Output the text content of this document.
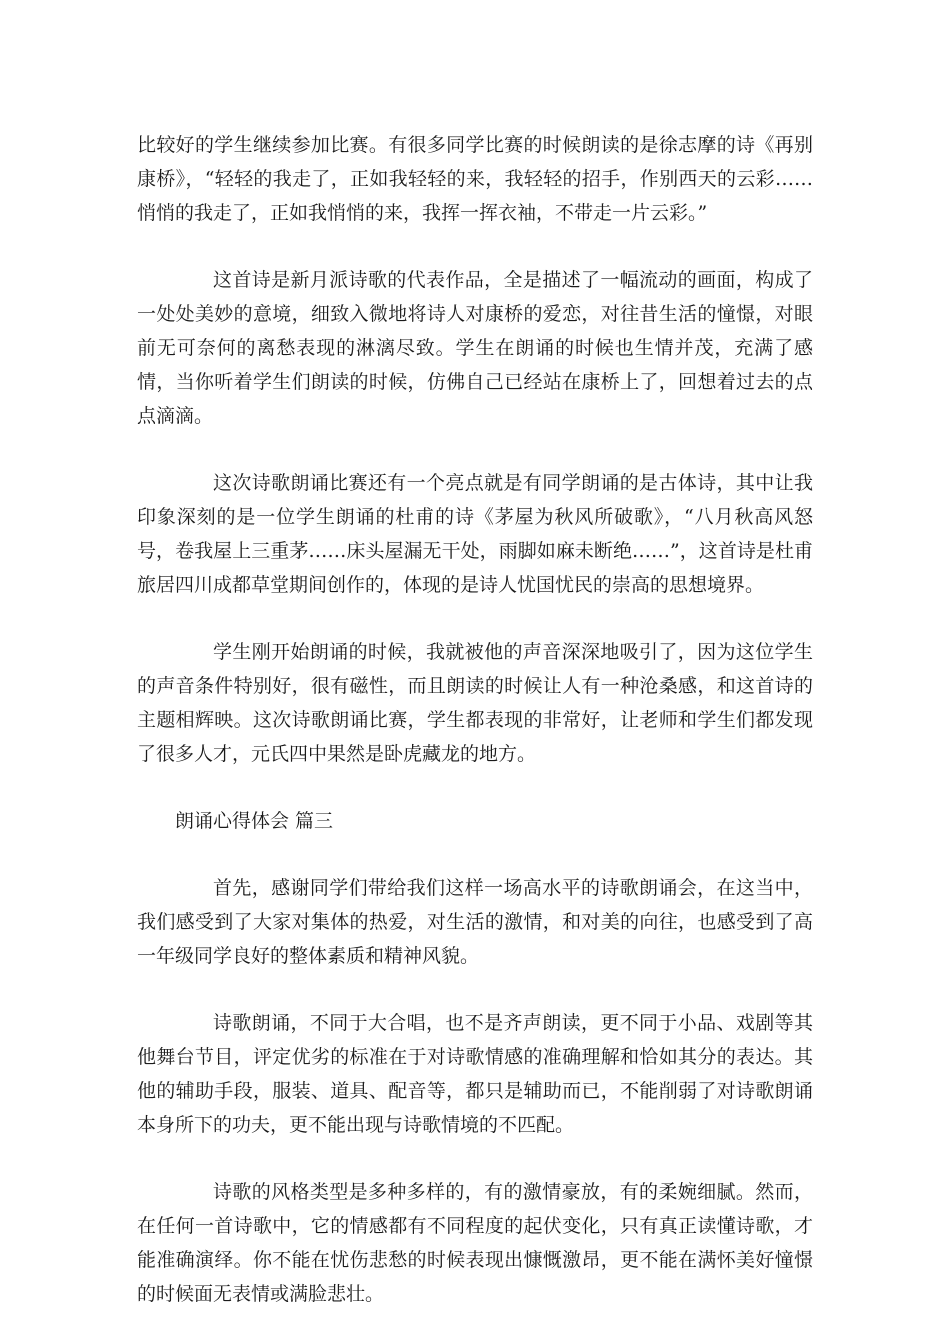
比较好的学生继续参加比赛。有很多同学比赛的时候朗读的是徐志摩的诗《再别康桥》，“轻轻的我走了，正如我轻轻的来，我轻轻的招手，作别西天的云彩……悄悄的我走了，正如我悄悄的来，我挥一挥衣袖，不带走一片云彩。”

这首诗是新月派诗歌的代表作品，全是描述了一幅流动的画面，构成了一处处美妙的意境，细致入微地将诗人对康桥的爱恋，对往昔生活的憧憬，对眼前无可奈何的离愁表现的淋漓尽致。学生在朗诵的时候也生情并茂，充满了感情，当你听着学生们朗读的时候，仿佛自己已经站在康桥上了，回想着过去的点点滴滴。

这次诗歌朗诵比赛还有一个亮点就是有同学朗诵的是古体诗，其中让我印象深刻的是一位学生朗诵的杜甫的诗《茅屋为秋风所破歌》，“八月秋高风怒号，卷我屋上三重茅……床头屋漏无干处，雨脚如麻未断绝……”，这首诗是杜甫旅居四川成都草堂期间创作的，体现的是诗人忧国忧民的崇高的思想境界。

学生刚开始朗诵的时候，我就被他的声音深深地吸引了，因为这位学生的声音条件特别好，很有磁性，而且朗读的时候让人有一种沧桑感，和这首诗的主题相辉映。这次诗歌朗诵比赛，学生都表现的非常好，让老师和学生们都发现了很多人才，元氏四中果然是卧虎藏龙的地方。

朗诵心得体会 篇三

首先，感谢同学们带给我们这样一场高水平的诗歌朗诵会，在这当中，我们感受到了大家对集体的热爱，对生活的激情，和对美的向往，也感受到了高一年级同学良好的整体素质和精神风貌。

诗歌朗诵，不同于大合唱，也不是齐声朗读，更不同于小品、戏剧等其他舞台节目，评定优劣的标准在于对诗歌情感的准确理解和恰如其分的表达。其他的辅助手段，服装、道具、配音等，都只是辅助而已，不能削弱了对诗歌朗诵本身所下的功夫，更不能出现与诗歌情境的不匹配。

诗歌的风格类型是多种多样的，有的激情豪放，有的柔婉细腻。然而，在任何一首诗歌中，它的情感都有不同程度的起伏变化，只有真正读懂诗歌，才能准确演绎。你不能在忧伤悲愁的时候表现出慷慨激昂，更不能在满怀美好憧憬的时候面无表情或满脸悲壮。
